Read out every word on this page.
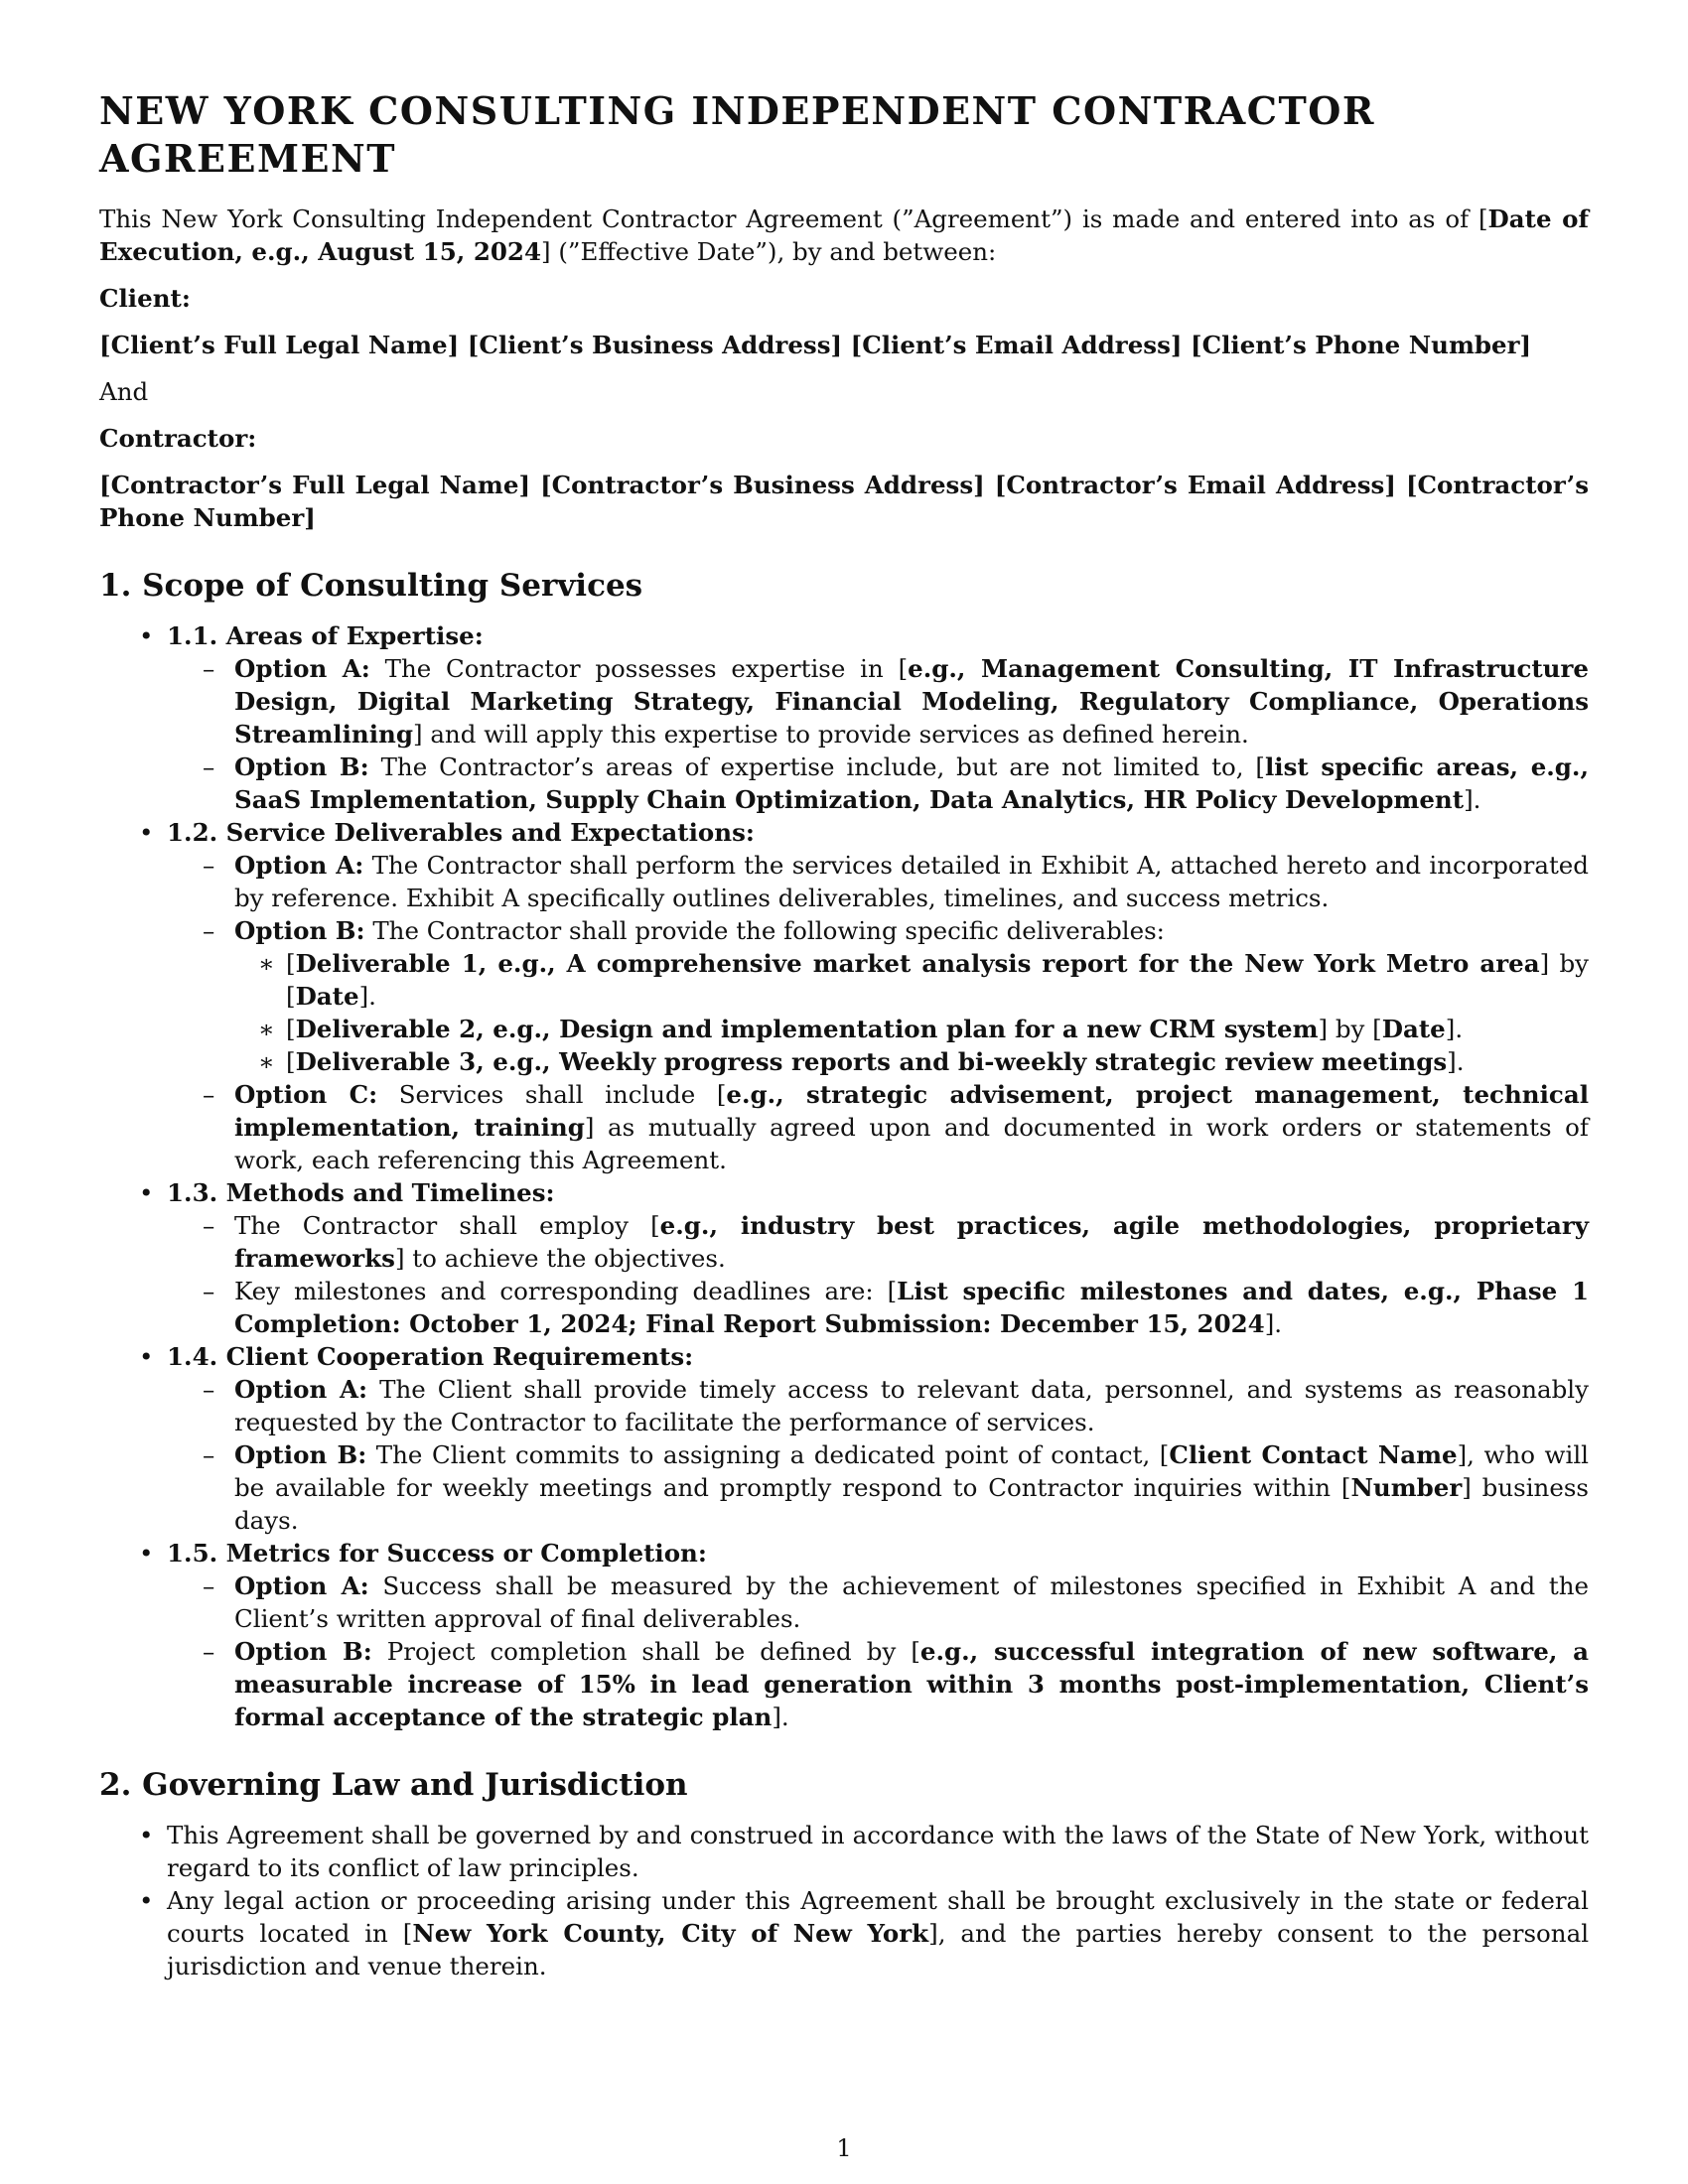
NEW YORK CONSULTING INDEPENDENT CONTRACTOR AGREEMENT

This New York Consulting Independent Contractor Agreement (”Agreement”) is made and entered into as of [Date of Execution, e.g., August 15, 2024] (”Effective Date”), by and between:

Client:

[Client’s Full Legal Name] [Client’s Business Address] [Client’s Email Address] [Client’s Phone Number]

And

Contractor:

[Contractor’s Full Legal Name] [Contractor’s Business Address] [Contractor’s Email Address] [Contractor’s Phone Number]

1. Scope of Consulting Services
• 1.1. Areas of Expertise:
– Option A: The Contractor possesses expertise in [e.g., Management Consulting, IT Infrastructure Design, Digital Marketing Strategy, Financial Modeling, Regulatory Compliance, Operations Streamlining] and will apply this expertise to provide services as defined herein.
– Option B: The Contractor’s areas of expertise include, but are not limited to, [list specific areas, e.g., SaaS Implementation, Supply Chain Optimization, Data Analytics, HR Policy Development].
• 1.2. Service Deliverables and Expectations:
– Option A: The Contractor shall perform the services detailed in Exhibit A, attached hereto and incorporated by reference. Exhibit A specifically outlines deliverables, timelines, and success metrics.
– Option B: The Contractor shall provide the following specific deliverables:
∗ [Deliverable 1, e.g., A comprehensive market analysis report for the New York Metro area] by [Date].
∗ [Deliverable 2, e.g., Design and implementation plan for a new CRM system] by [Date].
∗ [Deliverable 3, e.g., Weekly progress reports and bi-weekly strategic review meetings].
– Option C: Services shall include [e.g., strategic advisement, project management, technical implementation, training] as mutually agreed upon and documented in work orders or statements of work, each referencing this Agreement.
• 1.3. Methods and Timelines:
– The Contractor shall employ [e.g., industry best practices, agile methodologies, proprietary frameworks] to achieve the objectives.
– Key milestones and corresponding deadlines are: [List specific milestones and dates, e.g., Phase 1 Completion: October 1, 2024; Final Report Submission: December 15, 2024].
• 1.4. Client Cooperation Requirements:
– Option A: The Client shall provide timely access to relevant data, personnel, and systems as reasonably requested by the Contractor to facilitate the performance of services.
– Option B: The Client commits to assigning a dedicated point of contact, [Client Contact Name], who will be available for weekly meetings and promptly respond to Contractor inquiries within [Number] business days.
• 1.5. Metrics for Success or Completion:
– Option A: Success shall be measured by the achievement of milestones specified in Exhibit A and the Client’s written approval of final deliverables.
– Option B: Project completion shall be defined by [e.g., successful integration of new software, a measurable increase of 15% in lead generation within 3 months post-implementation, Client’s formal acceptance of the strategic plan].
2. Governing Law and Jurisdiction
• This Agreement shall be governed by and construed in accordance with the laws of the State of New York, without regard to its conflict of law principles.
• Any legal action or proceeding arising under this Agreement shall be brought exclusively in the state or federal courts located in [New York County, City of New York], and the parties hereby consent to the personal jurisdiction and venue therein.
1
